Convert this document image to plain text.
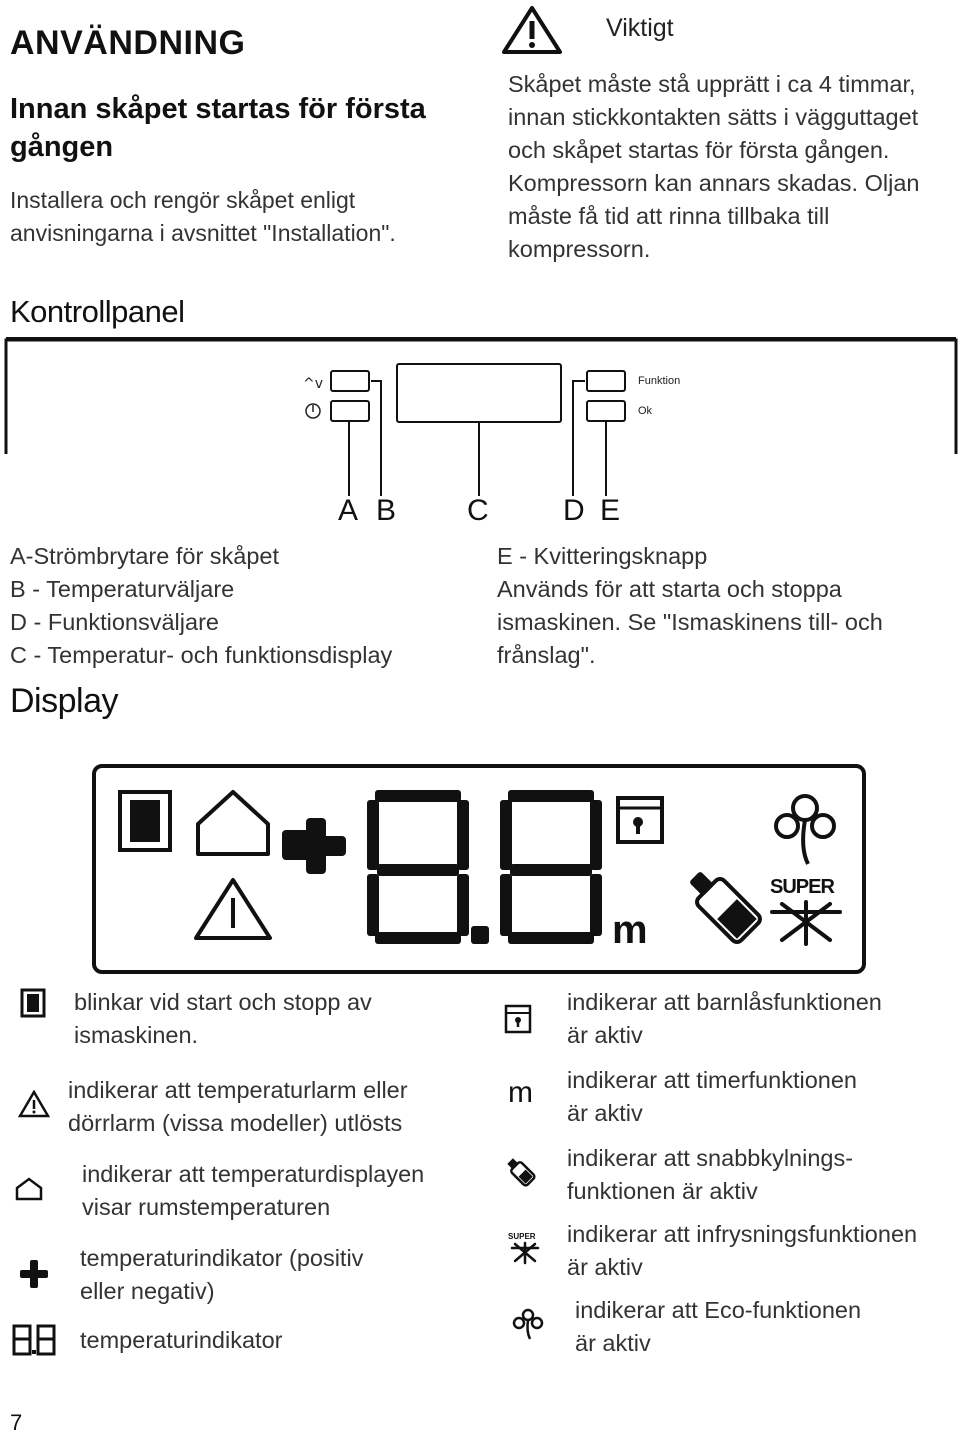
ANVÄNDNING
Innan skåpet startas för första gången
Installera och rengör skåpet enligt anvisningarna i avsnittet "Installation".
Viktigt
Skåpet måste stå upprätt i ca 4 timmar, innan stickkontakten sätts i vägguttaget och skåpet startas för första gången. Kompressorn kan annars skadas. Oljan måste få tid att rinna tillbaka till kompressorn.
Kontrollpanel
^v	Funktion
Ok
A B C D E
A-Strömbrytare för skåpet
B - Temperaturväljare
D - Funktionsväljare
C - Temperatur- och funktionsdisplay
E - Kvitteringsknapp
Används för att starta och stoppa
ismaskinen. Se "Ismaskinens till- och
frånslag".
Display
SUPER
m
blinkar vid start och stopp av
ismaskinen.
indikerar att temperaturlarm eller
dörrlarm (vissa modeller) utlösts
indikerar att temperaturdisplayen
visar rumstemperaturen
temperaturindikator (positiv
eller negativ)
temperaturindikator
indikerar att barnlåsfunktionen
är aktiv
m indikerar att timerfunktionen
är aktiv
indikerar att snabbkylnings-
funktionen är aktiv
SUPER indikerar att infrysningsfunktionen
är aktiv
indikerar att Eco-funktionen
är aktiv
7
